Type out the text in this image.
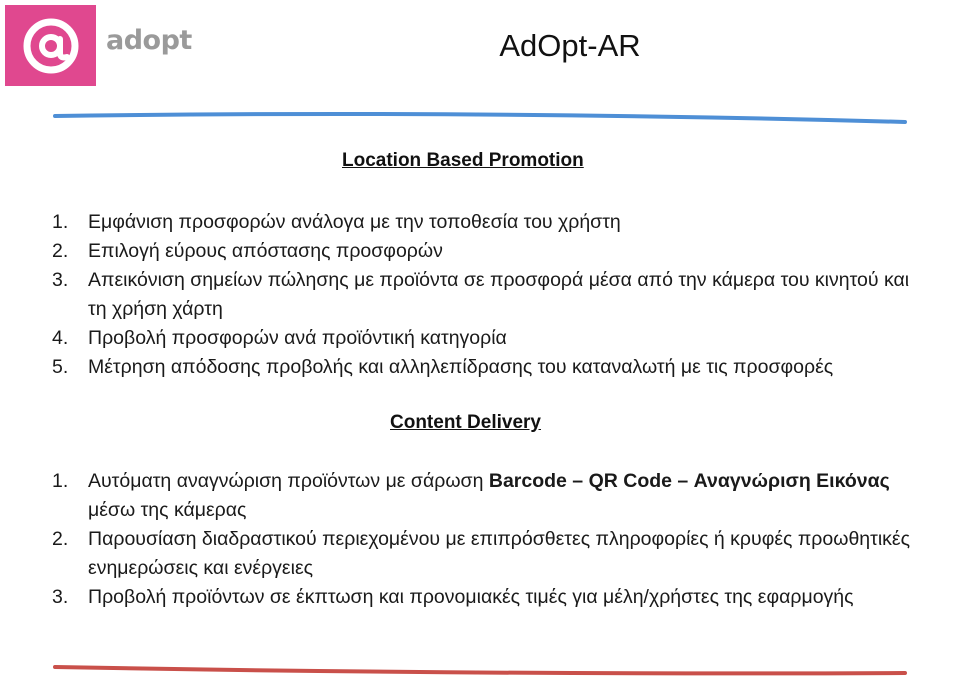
adopt	AdOpt-AR
Location Based Promotion
1.	Εμφάνιση προσφορών ανάλογα με την τοποθεσία του χρήστη
2.	Επιλογή εύρους απόστασης προσφορών
3.	Απεικόνιση σημείων πώλησης με προϊόντα σε προσφορά μέσα από την κάμερα του κινητού και τη χρήση χάρτη
4.	Προβολή προσφορών ανά προϊόντική κατηγορία
5.	Μέτρηση απόδοσης προβολής και αλληλεπίδρασης του καταναλωτή με τις προσφορές
Content Delivery
1.	Αυτόματη αναγνώριση προϊόντων με σάρωση Barcode – QR Code – Αναγνώριση Εικόνας μέσω της κάμερας
2.	Παρουσίαση διαδραστικού περιεχομένου με επιπρόσθετες πληροφορίες ή κρυφές προωθητικές ενημερώσεις και ενέργειες
3.	Προβολή προϊόντων σε έκπτωση και προνομιακές τιμές για μέλη/χρήστες της εφαρμογής
